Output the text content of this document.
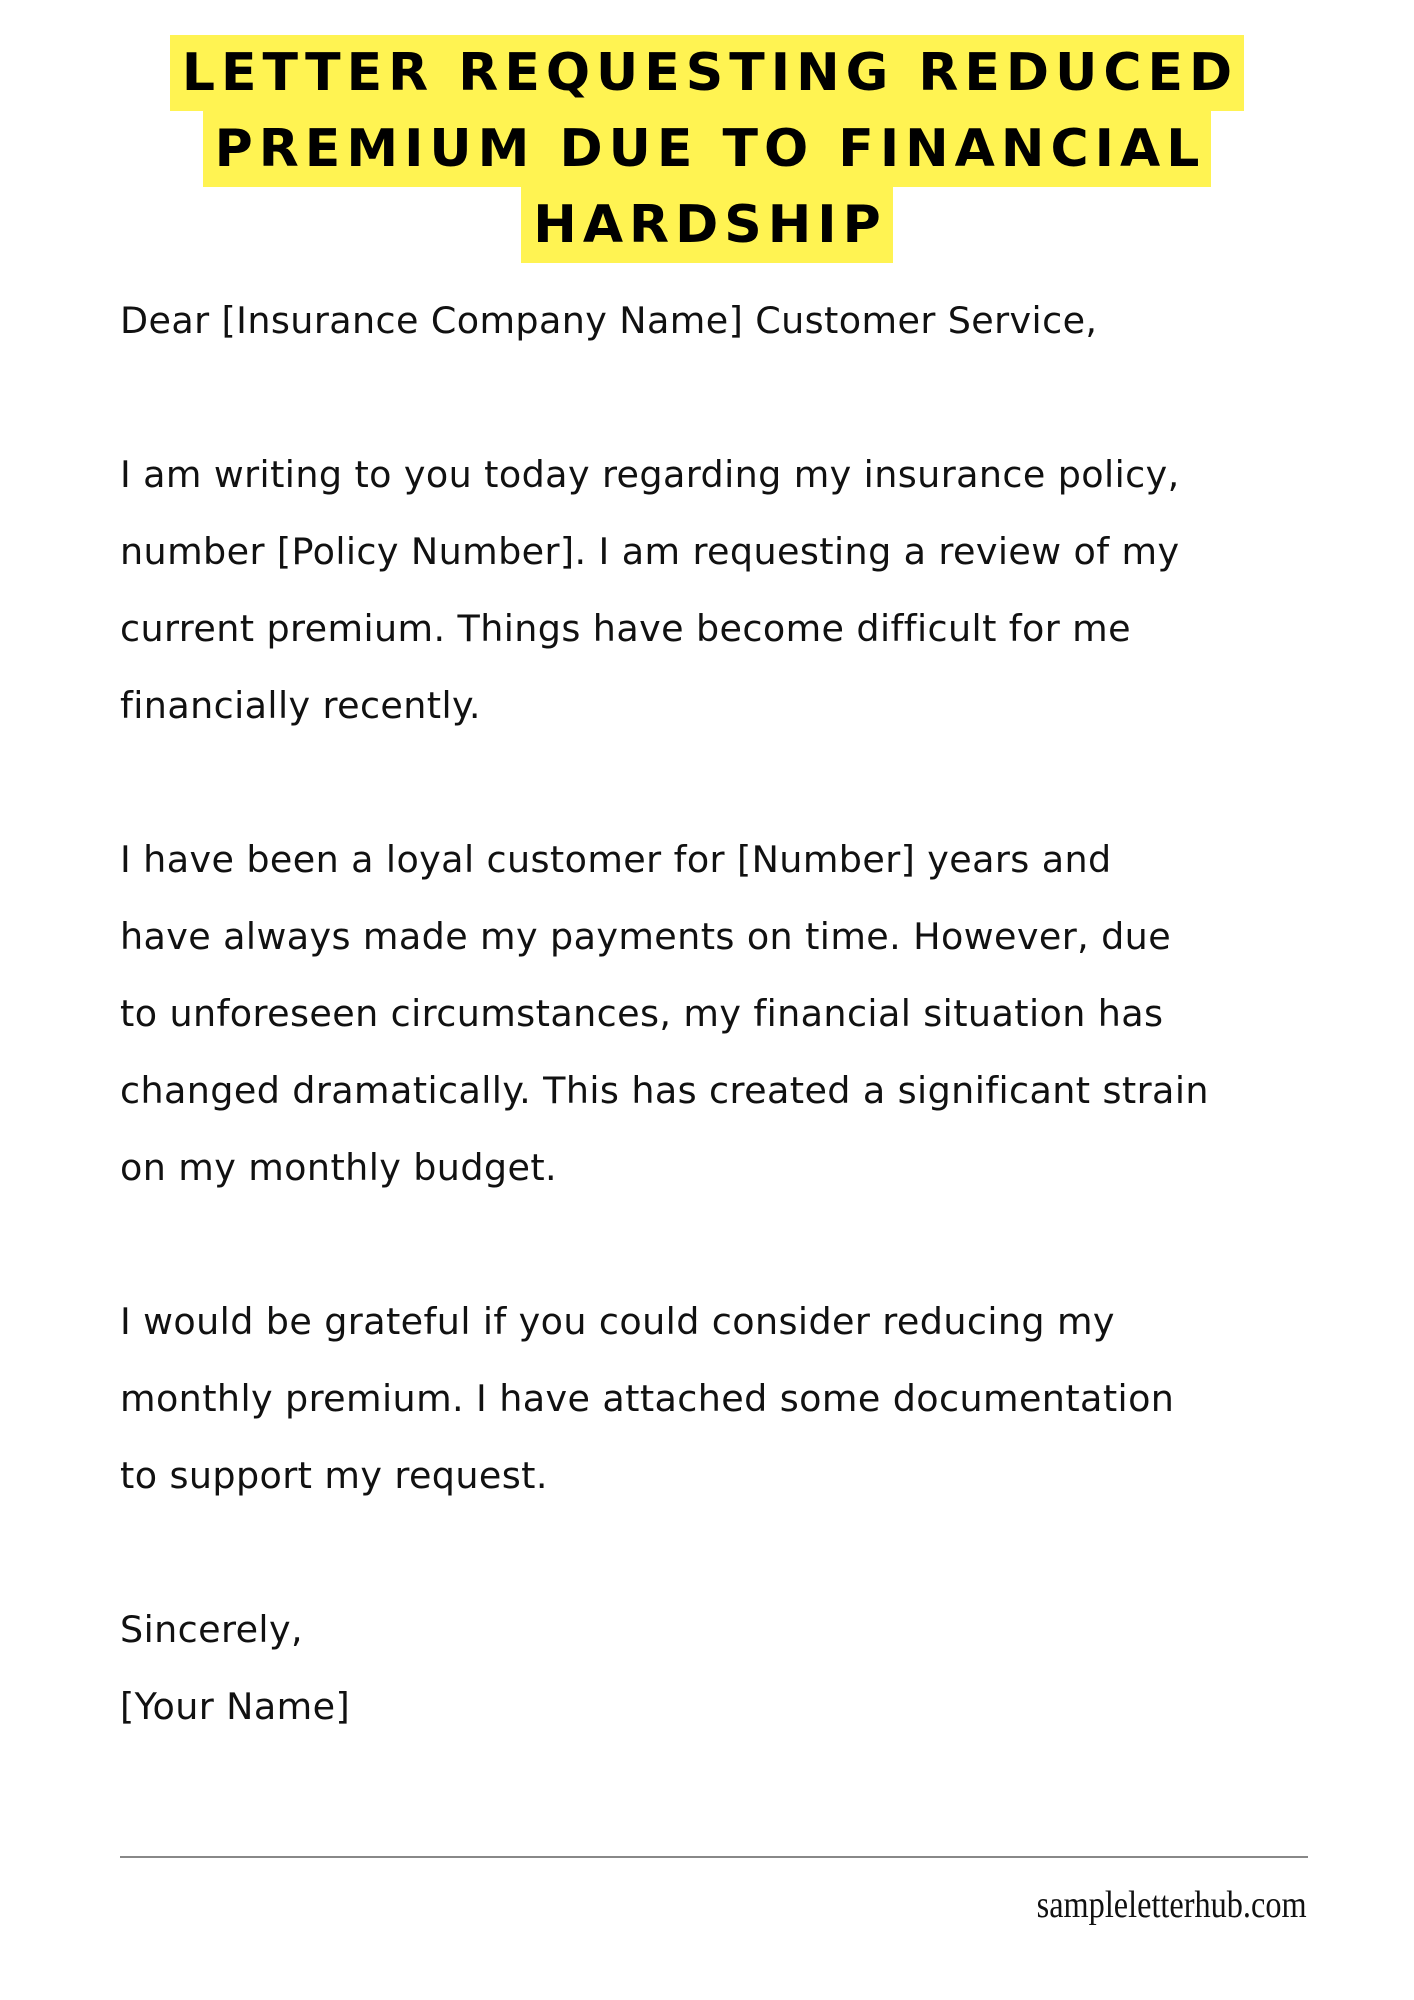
LETTER REQUESTING REDUCED
PREMIUM DUE TO FINANCIAL
HARDSHIP
Dear [Insurance Company Name] Customer Service,
I am writing to you today regarding my insurance policy,
number [Policy Number]. I am requesting a review of my
current premium. Things have become difficult for me
financially recently.
I have been a loyal customer for [Number] years and
have always made my payments on time. However, due
to unforeseen circumstances, my financial situation has
changed dramatically. This has created a significant strain
on my monthly budget.
I would be grateful if you could consider reducing my
monthly premium. I have attached some documentation
to support my request.
Sincerely,
[Your Name]
sampleletterhub.com
